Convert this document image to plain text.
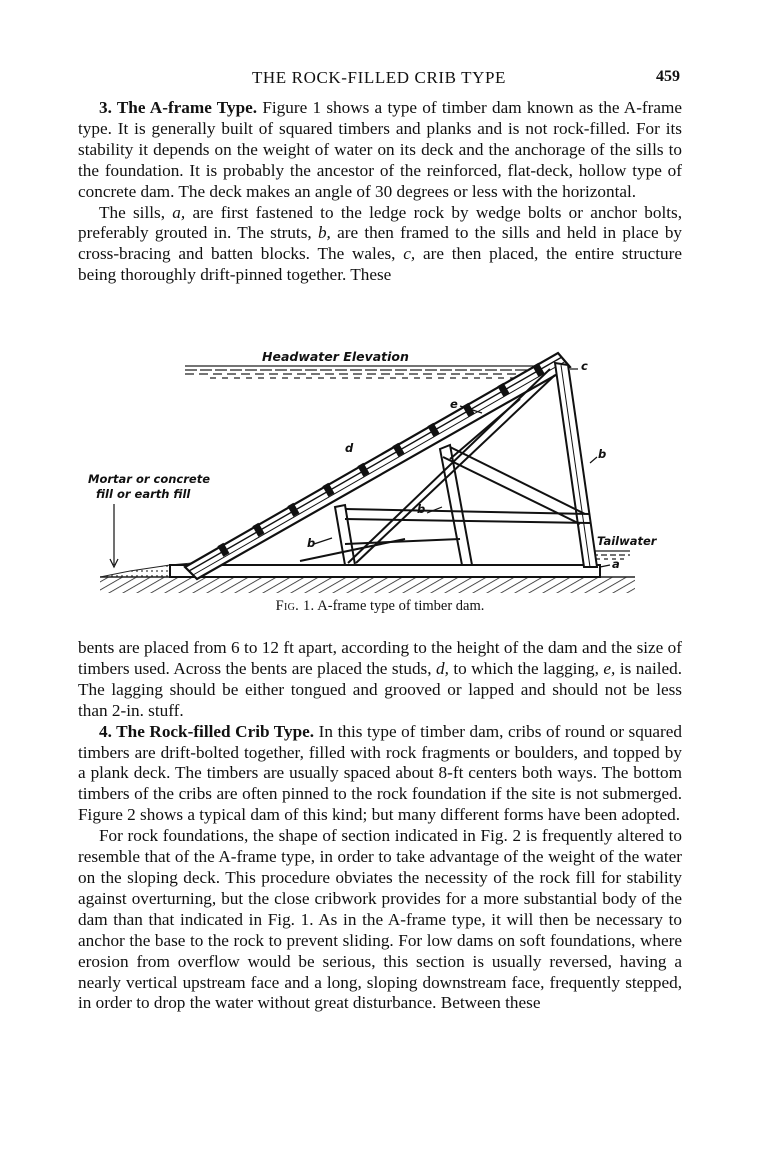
THE ROCK-FILLED CRIB TYPE	459

3. The A-frame Type. Figure 1 shows a type of timber dam known as the A-frame type. It is generally built of squared timbers and planks and is not rock-filled. For its stability it depends on the weight of water on its deck and the anchorage of the sills to the foundation. It is probably the ancestor of the reinforced, flat-deck, hollow type of concrete dam. The deck makes an angle of 30 degrees or less with the horizontal.

The sills, a, are first fastened to the ledge rock by wedge bolts or anchor bolts, preferably grouted in. The struts, b, are then framed to the sills and held in place by cross-bracing and batten blocks. The wales, c, are then placed, the entire structure being thoroughly drift-pinned together. These

Headwater Elevation
c
e
d	b
b
b	Tailwater
a
Mortar or concrete
fill or earth fill
Fig. 1. A-frame type of timber dam.

bents are placed from 6 to 12 ft apart, according to the height of the dam and the size of timbers used. Across the bents are placed the studs, d, to which the lagging, e, is nailed. The lagging should be either tongued and grooved or lapped and should not be less than 2-in. stuff.

4. The Rock-filled Crib Type. In this type of timber dam, cribs of round or squared timbers are drift-bolted together, filled with rock fragments or boulders, and topped by a plank deck. The timbers are usually spaced about 8-ft centers both ways. The bottom timbers of the cribs are often pinned to the rock foundation if the site is not submerged. Figure 2 shows a typical dam of this kind; but many different forms have been adopted.

For rock foundations, the shape of section indicated in Fig. 2 is frequently altered to resemble that of the A-frame type, in order to take advantage of the weight of the water on the sloping deck. This procedure obviates the necessity of the rock fill for stability against overturning, but the close cribwork provides for a more substantial body of the dam than that indicated in Fig. 1. As in the A-frame type, it will then be necessary to anchor the base to the rock to prevent sliding. For low dams on soft foundations, where erosion from overflow would be serious, this section is usually reversed, having a nearly vertical upstream face and a long, sloping downstream face, frequently stepped, in order to drop the water without great disturbance. Between these
